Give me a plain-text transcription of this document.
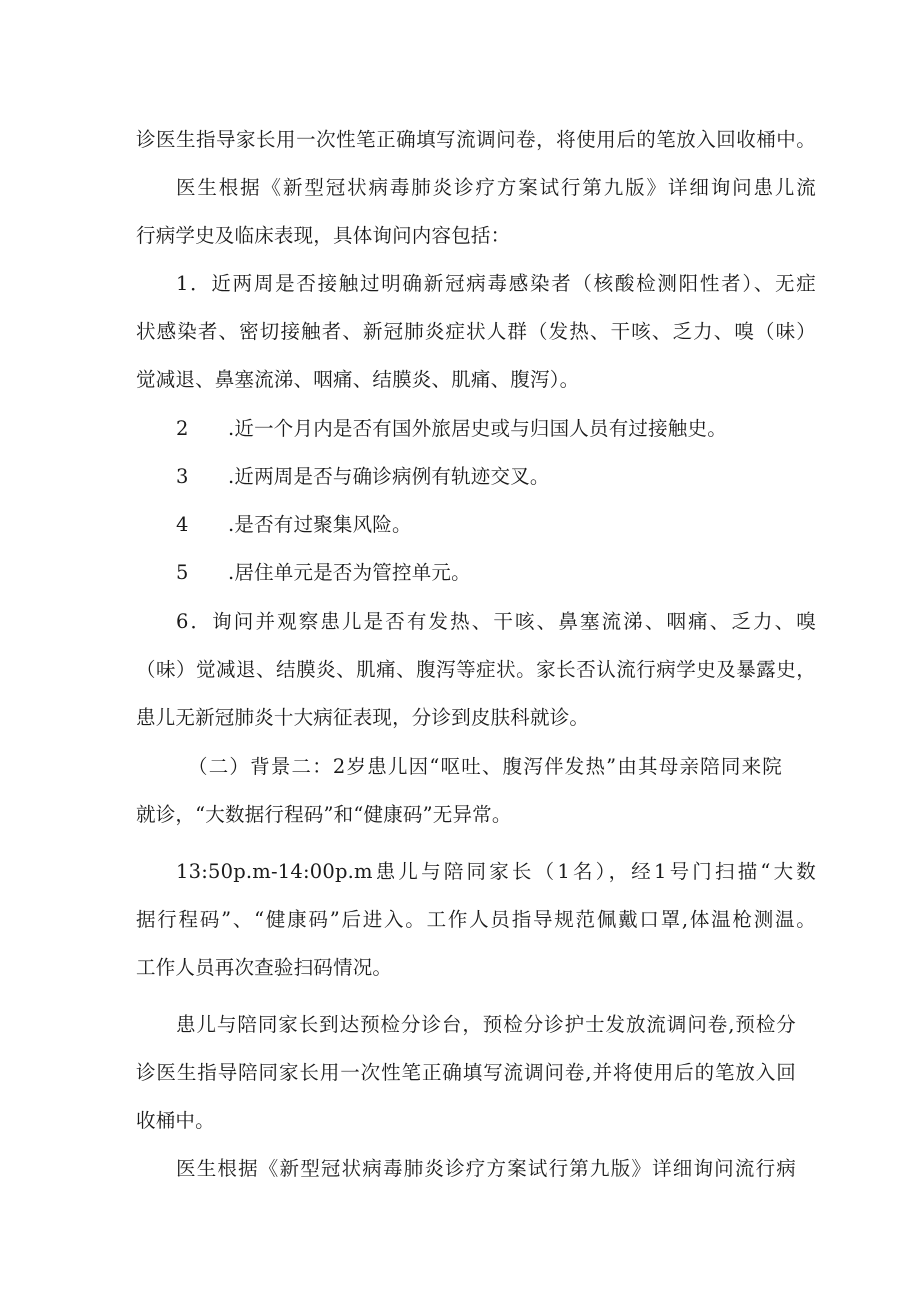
诊医生指导家长用一次性笔正确填写流调问卷，将使用后的笔放入回收桶中。
医生根据《新型冠状病毒肺炎诊疗方案试行第九版》详细询问患儿流
行病学史及临床表现，具体询问内容包括：
1．近两周是否接触过明确新冠病毒感染者（核酸检测阳性者）、无症
状感染者、密切接触者、新冠肺炎症状人群（发热、干咳、乏力、嗅（味）
觉减退、鼻塞流涕、咽痛、结膜炎、肌痛、腹泻）。
2 .近一个月内是否有国外旅居史或与归国人员有过接触史。
3 .近两周是否与确诊病例有轨迹交叉。
4 .是否有过聚集风险。
5 .居住单元是否为管控单元。
6．询问并观察患儿是否有发热、干咳、鼻塞流涕、咽痛、乏力、嗅
（味）觉减退、结膜炎、肌痛、腹泻等症状。家长否认流行病学史及暴露史，
患儿无新冠肺炎十大病征表现，分诊到皮肤科就诊。
（二）背景二：2岁患儿因“呕吐、腹泻伴发热”由其母亲陪同来院
就诊，“大数据行程码”和“健康码”无异常。
13:50p.m-14:00p.m患儿与陪同家长（1名），经1号门扫描“大数
据行程码”、“健康码”后进入。工作人员指导规范佩戴口罩,体温枪测温。
工作人员再次查验扫码情况。
患儿与陪同家长到达预检分诊台，预检分诊护士发放流调问卷,预检分
诊医生指导陪同家长用一次性笔正确填写流调问卷,并将使用后的笔放入回
收桶中。
医生根据《新型冠状病毒肺炎诊疗方案试行第九版》详细询问流行病
